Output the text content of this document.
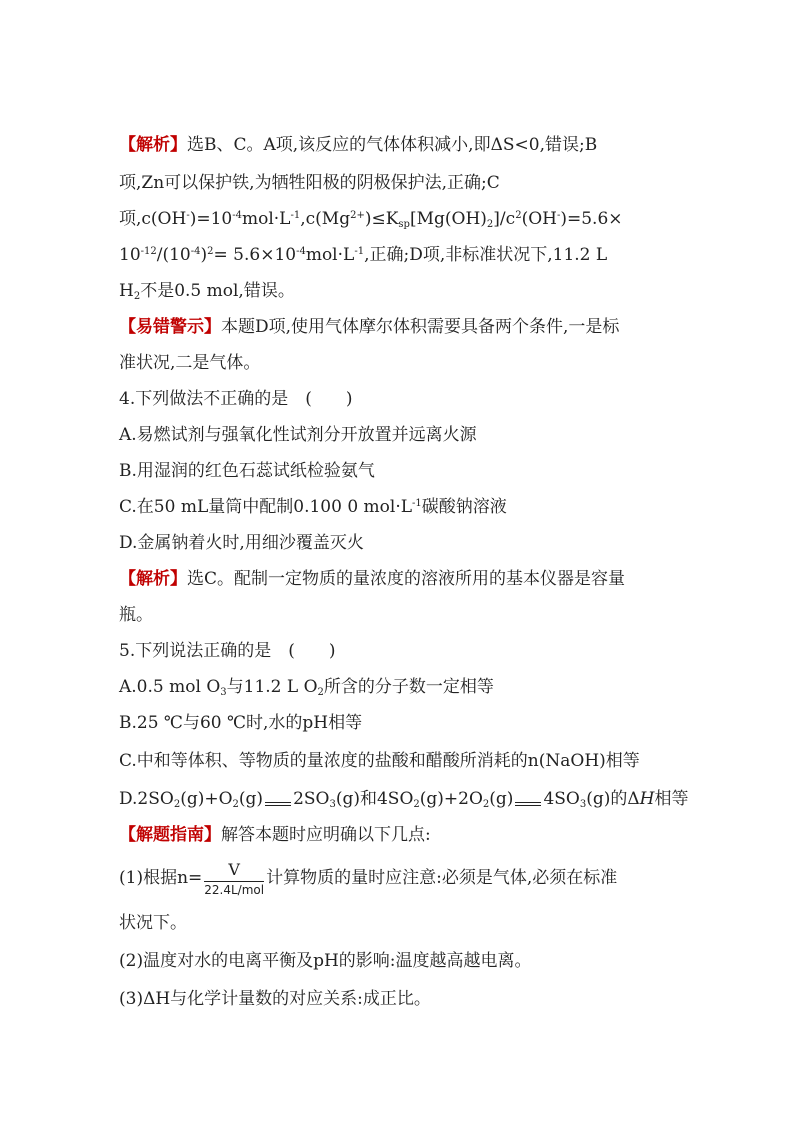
【解析】选B、C。A项,该反应的气体体积减小,即ΔS<0,错误;B
项,Zn可以保护铁,为牺牲阳极的阴极保护法,正确;C
项$,c(OH^-)=10^{-4}mol\cdot L^{-1},c(Mg^{2+})\le K_{sp}[Mg(OH)_2]/c^2(OH^-)=5.6\times$
$10^{-12}/(10^{-4})^2= 5.6\times 10^{-4}mol\cdot L^{-1}$,正确;D项,非标准状况下,11.2 L
$H_2$不是0.5 mol,错误。
【易错警示】本题D项,使用气体摩尔体积需要具备两个条件,一是标
准状况,二是气体。
4.下列做法不正确的是　(　　)
A.易燃试剂与强氧化性试剂分开放置并远离火源
B.用湿润的红色石蕊试纸检验氨气
C.在50 mL量筒中配制0.100 0 $mol\cdot L^{-1}$碳酸钠溶液
D.金属钠着火时,用细沙覆盖灭火
【解析】选C。配制一定物质的量浓度的溶液所用的基本仪器是容量
瓶。
5.下列说法正确的是　(　　)
A.0.5 mol $O_3$与11.2 L $O_2$所含的分子数一定相等
B.25 ℃与60 ℃时,水的pH相等
C.中和等体积、等物质的量浓度的盐酸和醋酸所消耗的n(NaOH)相等
$D.2SO_2(g)+O_2(g)$ $2SO_3(g)$和$4SO_2(g)+2O_2(g)$ $4SO_3(g)$的ΔH相等
【解题指南】解答本题时应明确以下几点:
(1)根据$n= \frac{V}{\text{22.4L/mol}}$ 计算物质的量时应注意:必须是气体,必须在标准
状况下。
(2)温度对水的电离平衡及pH的影响:温度越高越电离。
(3)ΔH与化学计量数的对应关系:成正比。
